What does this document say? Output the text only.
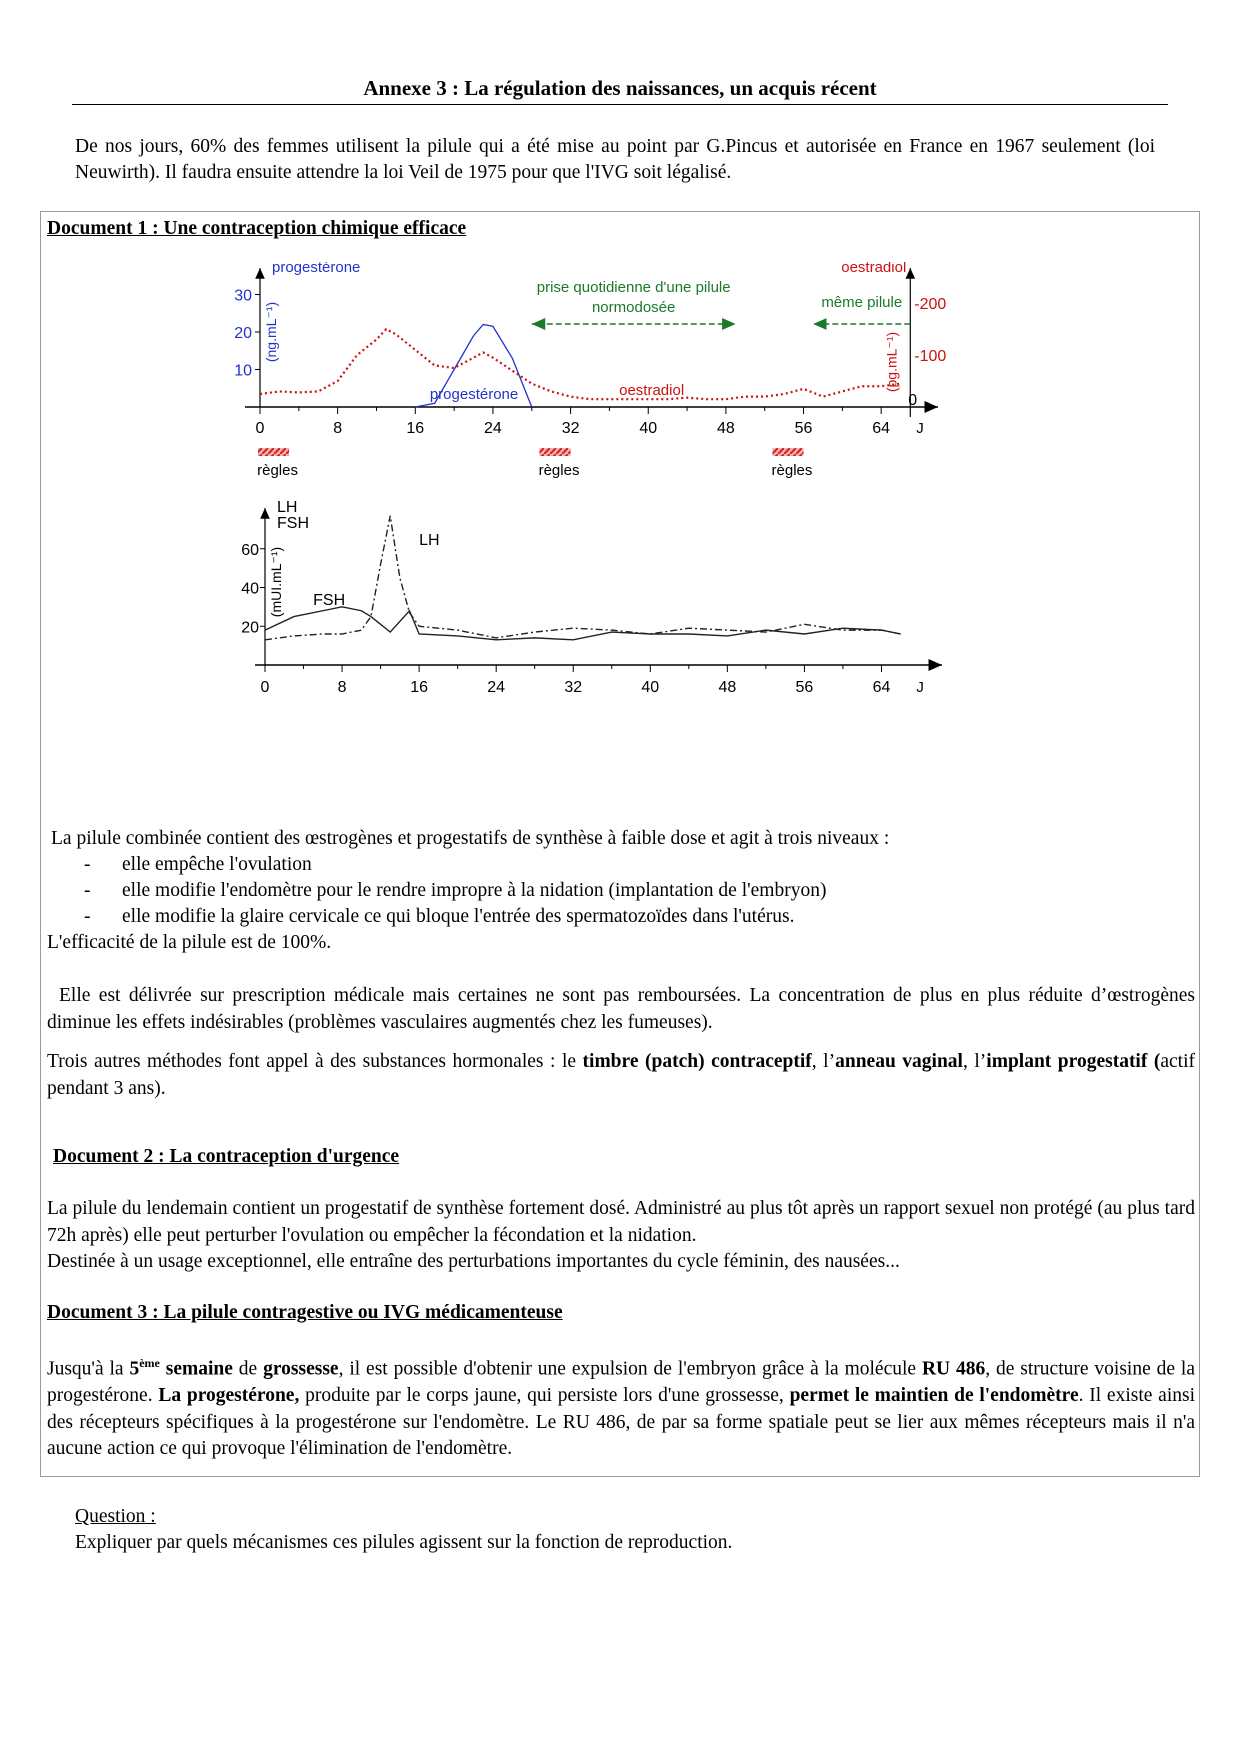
Annexe 3 : La régulation des naissances, un acquis récent
De nos jours, 60% des femmes utilisent la pilule qui a été mise au point par G.Pincus et autorisée en France en 1967 seulement (loi Neuwirth). Il faudra ensuite attendre la loi Veil de 1975 pour que l'IVG soit légalisé.
Document 1 : Une contraception chimique efficace
0	8	16	24	32	40	48	56	64 J
10
20
30
progestérone
(ng.mL⁻¹)
0
-100
-200
oestradiol
(pg.mL⁻¹)
progestérone	oestradiol
prise quotidienne d'une pilule normodosée	même pilule
règles	règles	règles
0	8	16	24	32	40	48	56	64 J
20
40
60
LH
FSH
(mUI.mL⁻¹) FSH
LH
La pilule combinée contient des œstrogènes et progestatifs de synthèse à faible dose et agit à trois niveaux :
- elle empêche l'ovulation
- elle modifie l'endomètre pour le rendre impropre à la nidation (implantation de l'embryon)
- elle modifie la glaire cervicale ce qui bloque l'entrée des spermatozoïdes dans l'utérus.
L'efficacité de la pilule est de 100%.
Elle est délivrée sur prescription médicale mais certaines ne sont pas remboursées. La concentration de plus en plus réduite d’œstrogènes diminue les effets indésirables (problèmes vasculaires augmentés chez les fumeuses).
Trois autres méthodes font appel à des substances hormonales : le timbre (patch) contraceptif, l’anneau vaginal, l’implant progestatif (actif pendant 3 ans).
Document 2 : La contraception d'urgence
La pilule du lendemain contient un progestatif de synthèse fortement dosé. Administré au plus tôt après un rapport sexuel non protégé (au plus tard 72h après) elle peut perturber l'ovulation ou empêcher la fécondation et la nidation.
Destinée à un usage exceptionnel, elle entraîne des perturbations importantes du cycle féminin, des nausées...
Document 3 : La pilule contragestive ou IVG médicamenteuse
Jusqu'à la 5ème semaine de grossesse, il est possible d'obtenir une expulsion de l'embryon grâce à la molécule RU 486, de structure voisine de la progestérone. La progestérone, produite par le corps jaune, qui persiste lors d'une grossesse, permet le maintien de l'endomètre. Il existe ainsi des récepteurs spécifiques à la progestérone sur l'endomètre. Le RU 486, de par sa forme spatiale peut se lier aux mêmes récepteurs mais il n'a aucune action ce qui provoque l'élimination de l'endomètre.
Question :
Expliquer par quels mécanismes ces pilules agissent sur la fonction de reproduction.
